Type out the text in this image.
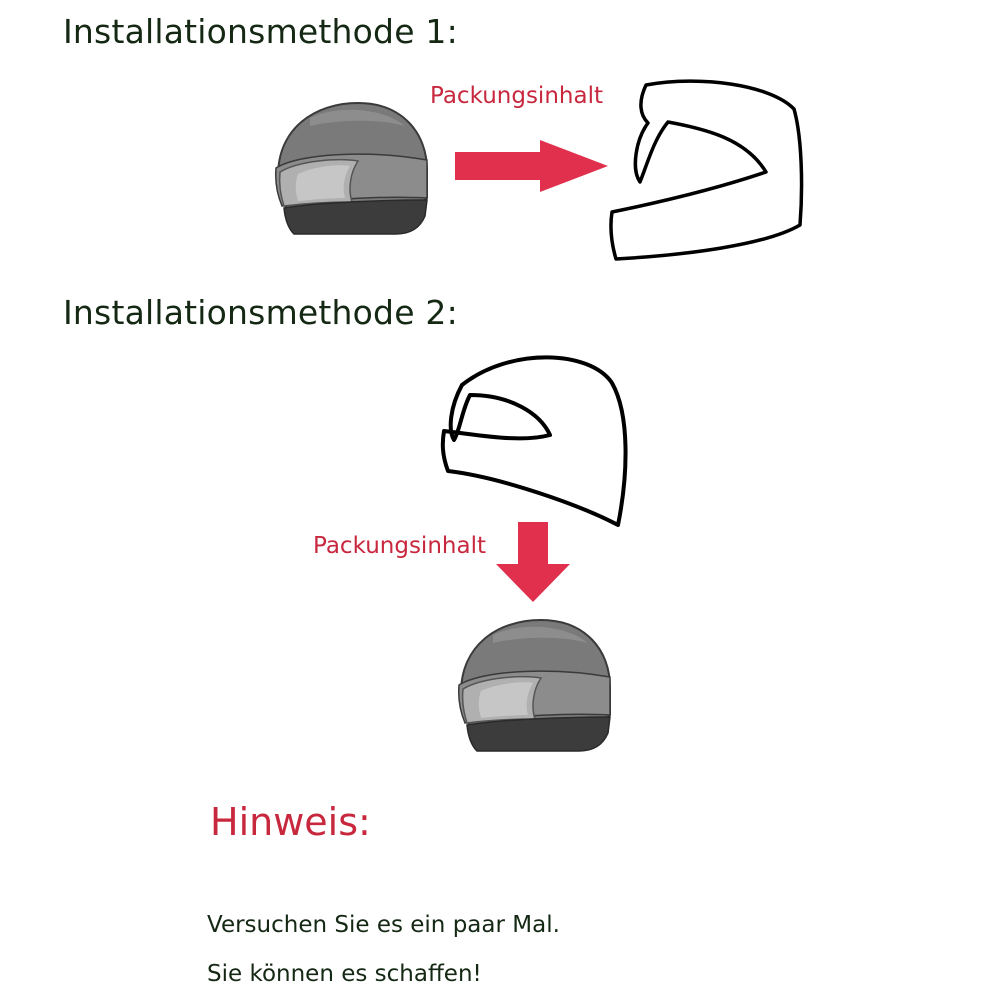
Installationsmethode 1:
Packungsinhalt
Installationsmethode 2:
Packungsinhalt
Hinweis:
Versuchen Sie es ein paar Mal.
Sie können es schaffen!
